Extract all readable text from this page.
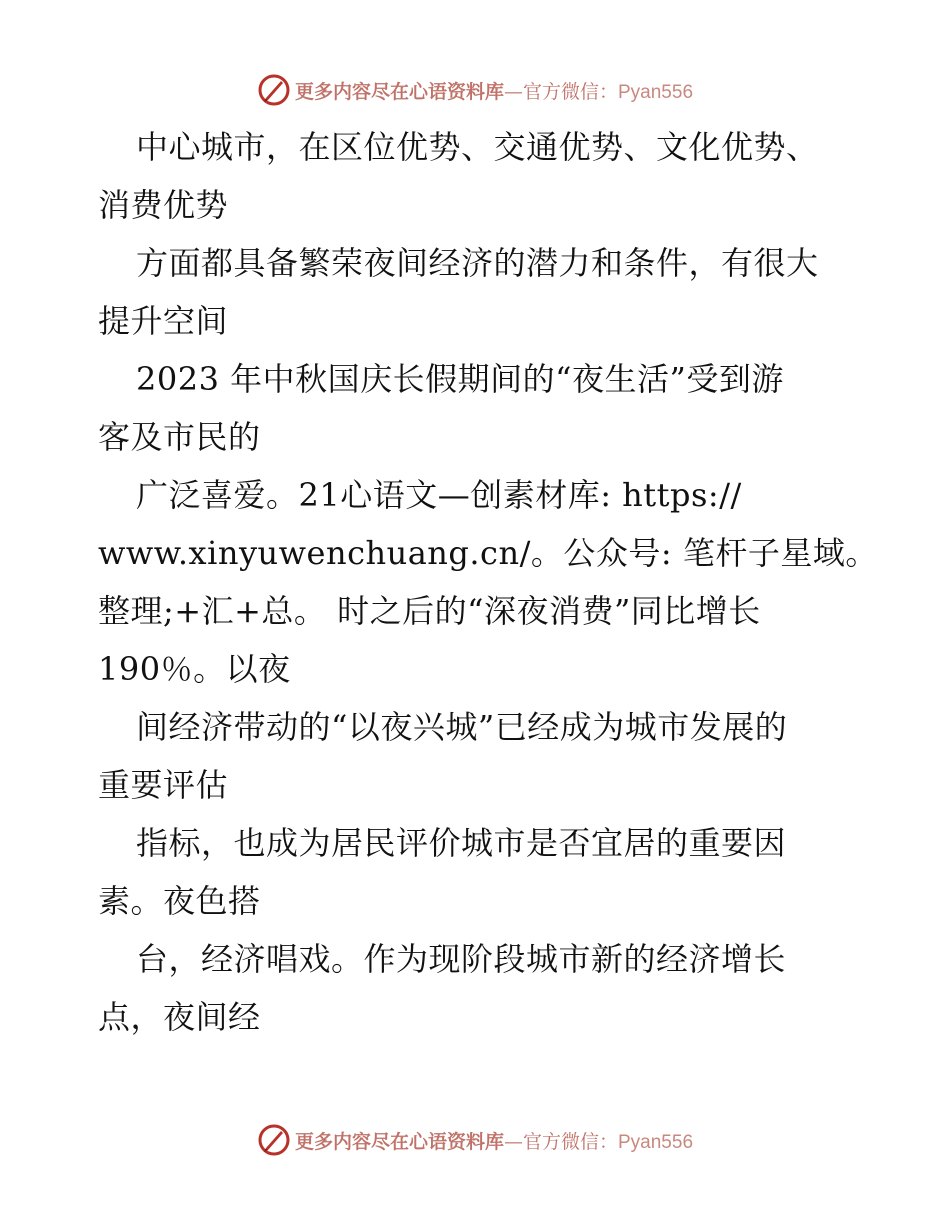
更多内容尽在心语资料库—官方微信：Pyan556
中心城市，在区位优势、交通优势、文化优势、
消费优势
方面都具备繁荣夜间经济的潜力和条件，有很大
提升空间
2023 年中秋国庆长假期间的“夜生活”受到游
客及市民的
广泛喜爱。21心语文—创素材库: https://
www.xinyuwenchuang.cn/。公众号: 笔杆子星域。
整理;+汇+总。 时之后的“深夜消费”同比增长
190％。以夜
间经济带动的“以夜兴城”已经成为城市发展的
重要评估
指标，也成为居民评价城市是否宜居的重要因
素。夜色搭
台，经济唱戏。作为现阶段城市新的经济增长
点，夜间经
更多内容尽在心语资料库—官方微信：Pyan556
